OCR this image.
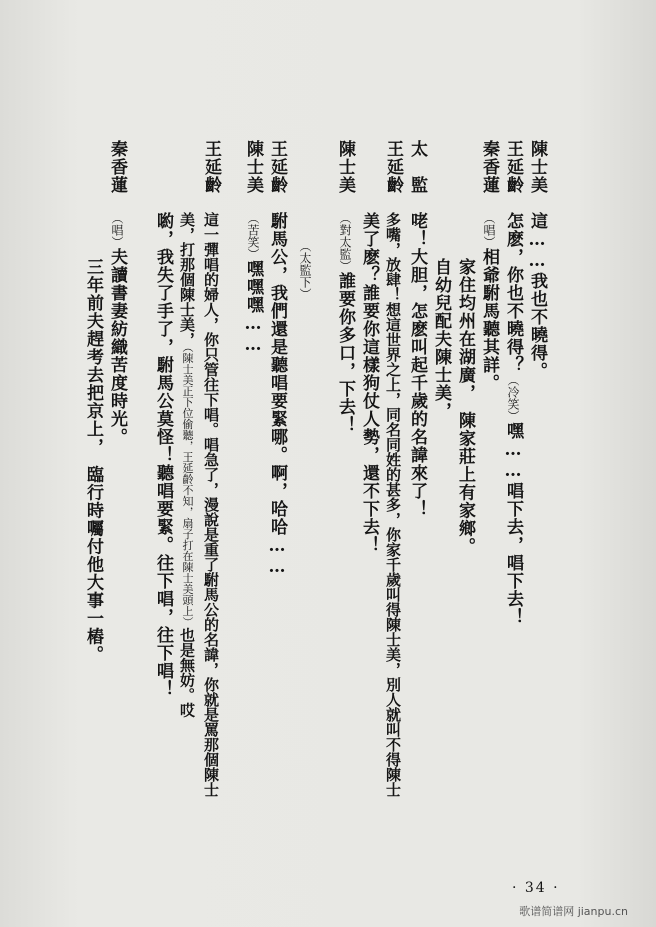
陳士美
這……我也不曉得。
王延齡
怎麽，你也不曉得？（冷笑）嘿……唱下去，唱下去！
秦香蓮
（唱）相爺駙馬聽其詳。
家住均州在湖廣，　陳家莊上有家鄉。
自幼兒配夫陳士美，
太　監
咾！大胆，怎麽叫起千歲的名諱來了！
王延齡
多嘴，放肆！想這世界之上，同名同姓的甚多，你家千歲叫得陳士美，別人就叫不得陳士
美了麽？誰要你這樣狗仗人勢，還不下去！
陳士美
（對太監）誰要你多口，下去！
（太監下）
王延齡
駙馬公，我們還是聽唱要緊哪。啊，哈哈……
陳士美
（苦笑）嘿嘿嘿……
王延齡
這一彈唱的婦人，你只管往下唱。唱急了，漫說是重了駙馬公的名諱，你就是罵那個陳士
美，打那個陳士美，（陳士美正下位偷聽，王延齡不知，扇子打在陳士美頭上）也是無妨。哎
喲，我失了手了，駙馬公莫怪！聽唱要緊。往下唱，往下唱！
秦香蓮
（唱）夫讀書妻紡織苦度時光。
三年前夫趕考去把京上，　臨行時囑付他大事一樁。
· 34 ·
歌谱简谱网 jianpu.cn
